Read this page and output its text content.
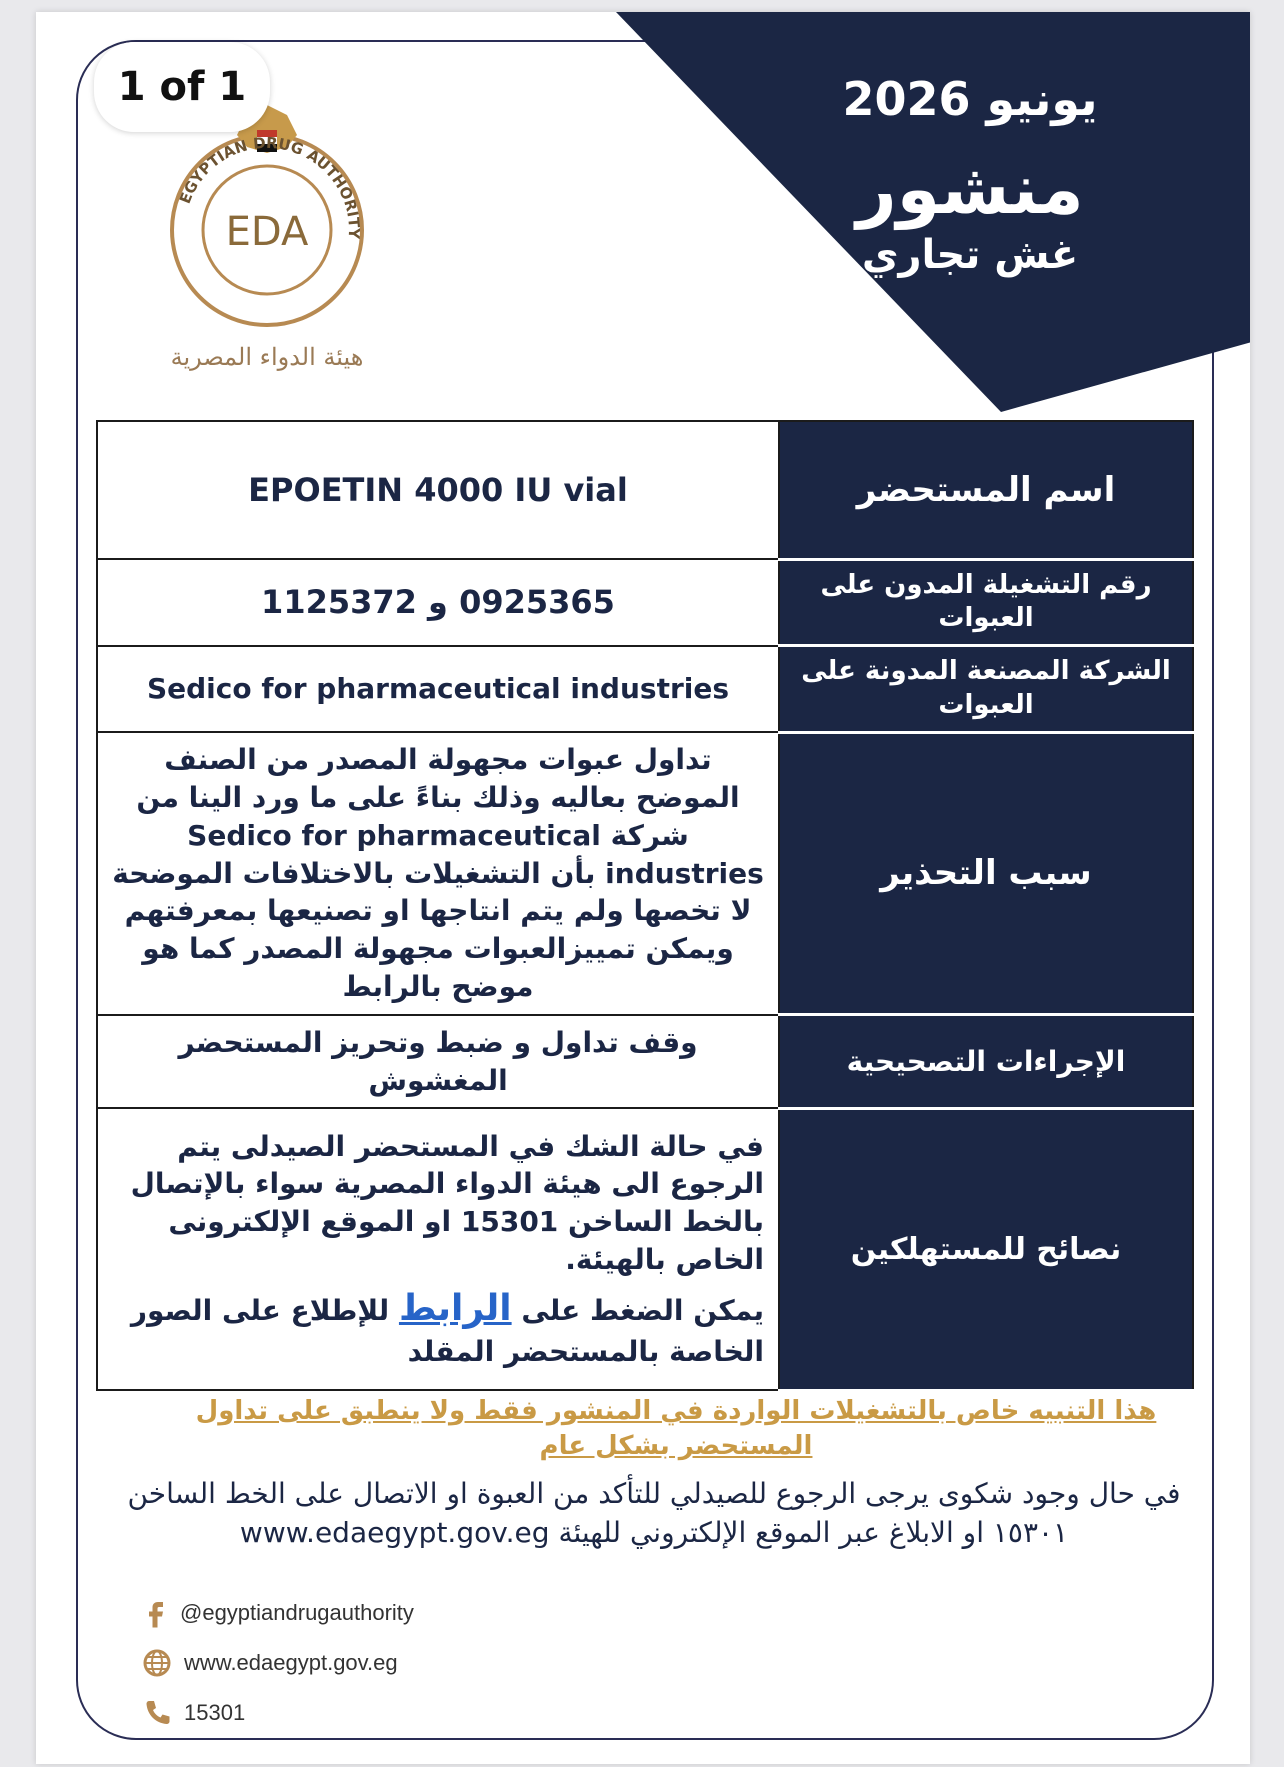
يونيو 2026
منشور
غش تجاري
EDA
EGYPTIAN DRUG AUTHORITY
هيئة الدواء المصرية
1 of 1
اسم المستحضر	EPOETIN 4000 IU vial
رقم التشغيلة المدون على العبوات	0925365 و 1125372
الشركة المصنعة المدونة على العبوات	Sedico for pharmaceutical industries
سبب التحذير	تداول عبوات مجهولة المصدر من الصنف الموضح بعاليه وذلك بناءً على ما ورد الينا من شركة Sedico for pharmaceutical industries بأن التشغيلات بالاختلافات الموضحة لا تخصها ولم يتم انتاجها او تصنيعها بمعرفتهم ويمكن تمييزالعبوات مجهولة المصدر كما هو موضح بالرابط
الإجراءات التصحيحية	وقف تداول و ضبط وتحريز المستحضر المغشوش
نصائح للمستهلكين	في حالة الشك في المستحضر الصيدلى يتم الرجوع الى هيئة الدواء المصرية سواء بالإتصال بالخط الساخن 15301 او الموقع الإلكترونى الخاص بالهيئة.
يمكن الضغط على الرابط للإطلاع على الصور الخاصة بالمستحضر المقلد
هذا التنبيه خاص بالتشغيلات الواردة في المنشور فقط ولا ينطبق على تداول المستحضر بشكل عام
في حال وجود شكوى يرجى الرجوع للصيدلي للتأكد من العبوة او الاتصال على الخط الساخن ١٥٣٠١ او الابلاغ عبر الموقع الإلكتروني للهيئة www.edaegypt.gov.eg
@egyptiandrugauthority
www.edaegypt.gov.eg
15301
